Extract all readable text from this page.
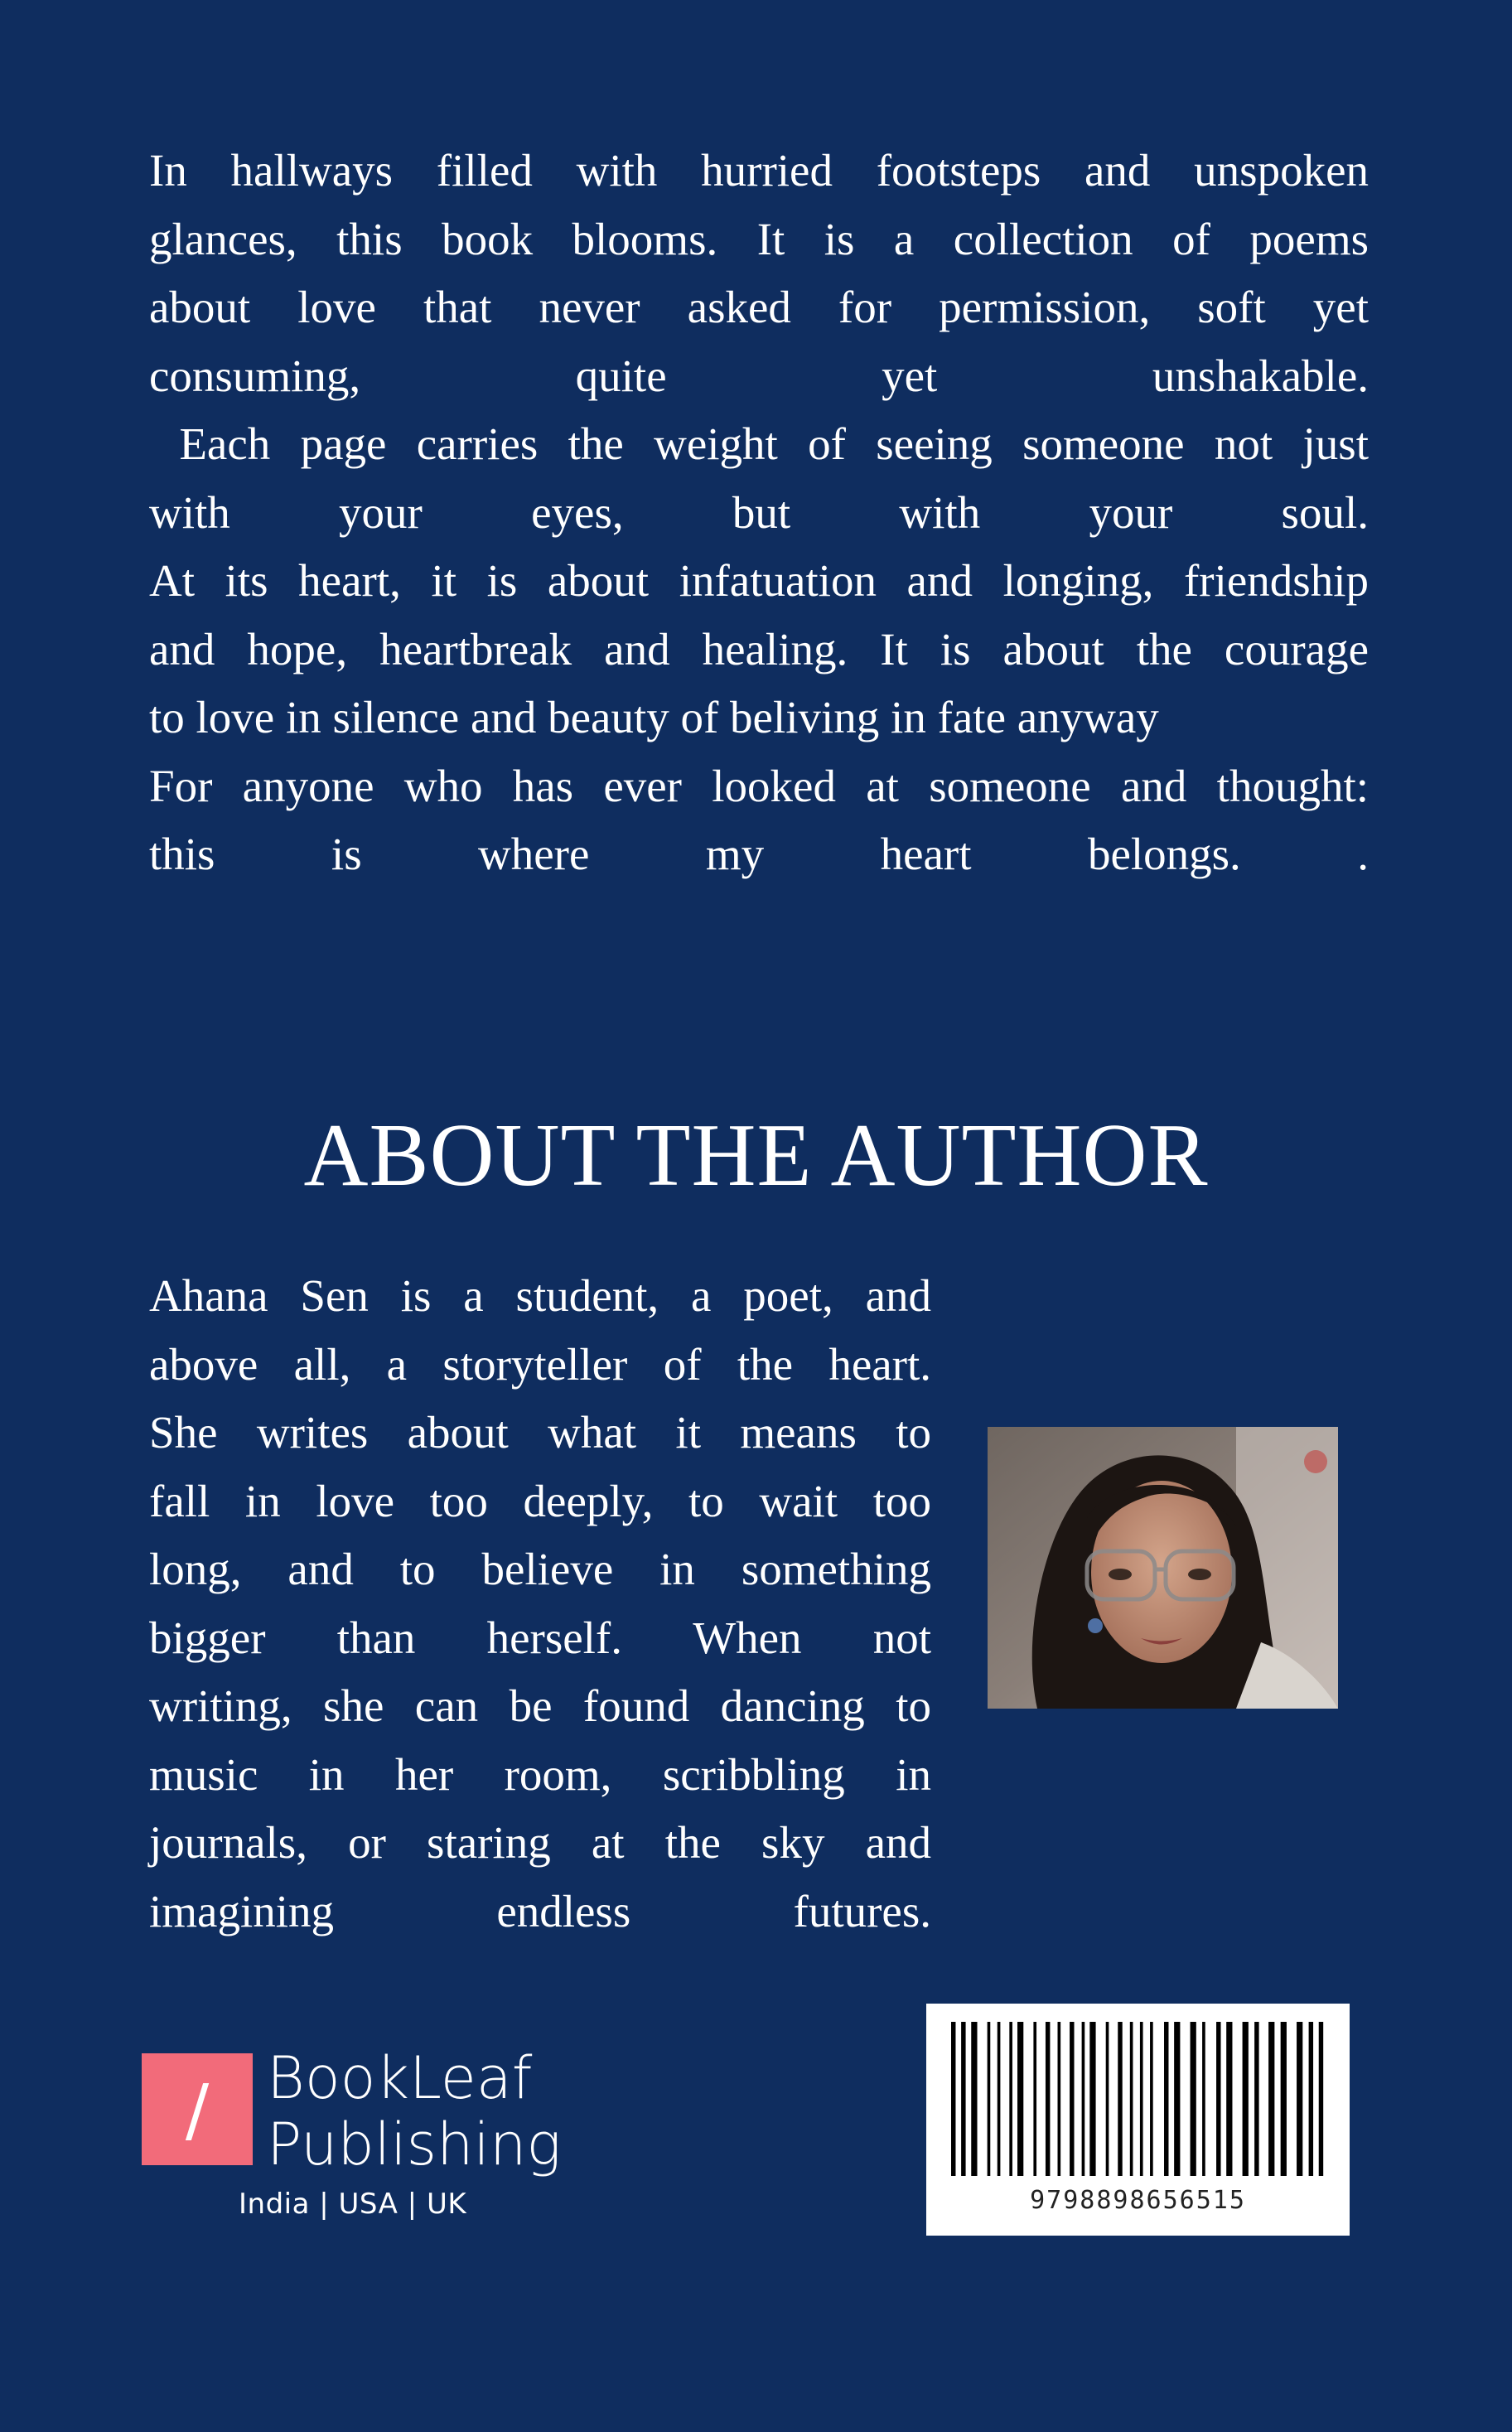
In hallways filled with hurried footsteps and unspoken
glances, this book blooms. It is a collection of poems
about love that never asked for permission, soft yet
consuming, quite yet unshakable.
Each page carries the weight of seeing someone not just
with your eyes, but with your soul.
At its heart, it is about infatuation and longing, friendship
and hope, heartbreak and healing. It is about the courage
to love in silence and beauty of beliving in fate anyway
For anyone who has ever looked at someone and thought:
this is where my heart belongs. .
ABOUT THE AUTHOR
Ahana Sen is a student, a poet, and
above all, a storyteller of the heart.
She writes about what it means to
fall in love too deeply, to wait too
long, and to believe in something
bigger than herself. When not
writing, she can be found dancing to
music in her room, scribbling in
journals, or staring at the sky and
imagining endless futures.
/ BookLeaf
Publishing
India | USA | UK	9798898656515
